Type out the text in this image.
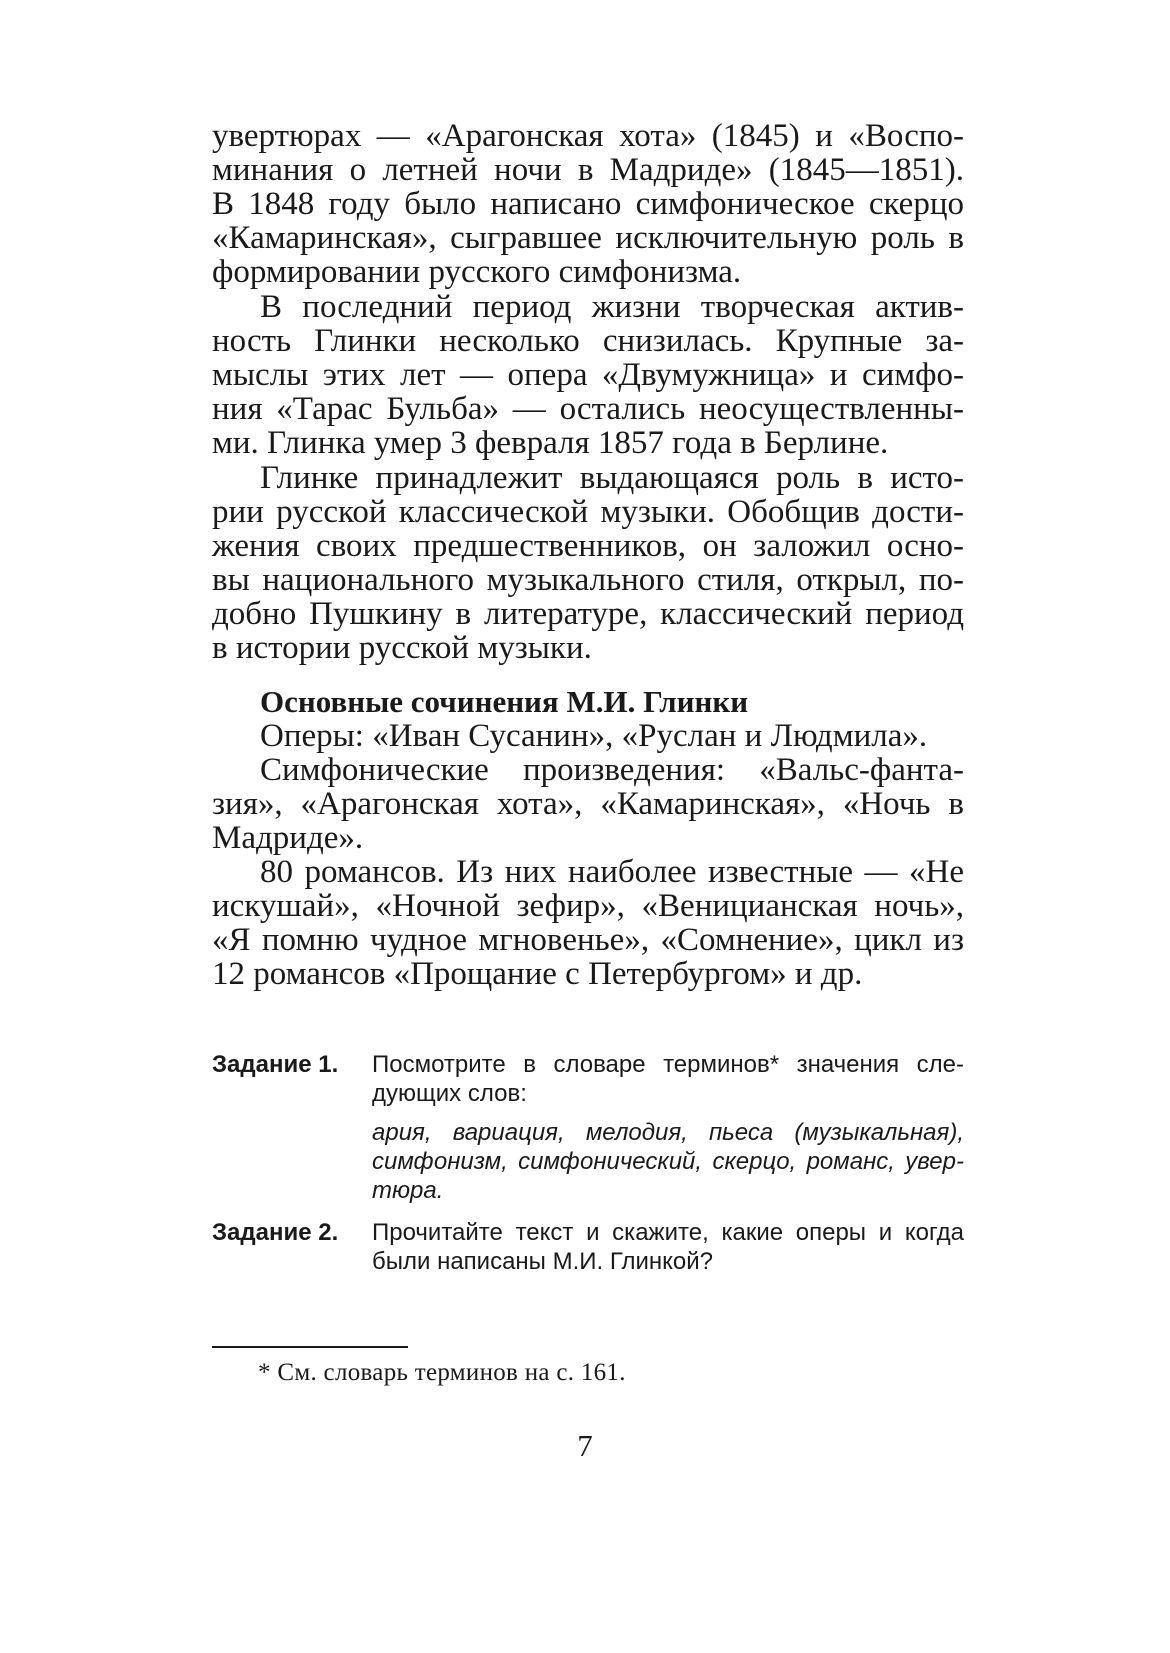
увертюрах — «Арагонская хота» (1845) и «Воспо-
минания о летней ночи в Мадриде» (1845—1851).
В 1848 году было написано симфоническое скерцо
«Камаринская», сыгравшее исключительную роль в
формировании русского симфонизма.
В последний период жизни творческая актив-
ность Глинки несколько снизилась. Крупные за-
мыслы этих лет — опера «Двумужница» и симфо-
ния «Тарас Бульба» — остались неосуществленны-
ми. Глинка умер 3 февраля 1857 года в Берлине.
Глинке принадлежит выдающаяся роль в исто-
рии русской классической музыки. Обобщив дости-
жения своих предшественников, он заложил осно-
вы национального музыкального стиля, открыл, по-
добно Пушкину в литературе, классический период
в истории русской музыки.
Основные сочинения М.И. Глинки
Оперы: «Иван Сусанин», «Руслан и Людмила».
Симфонические произведения: «Вальс-фанта-
зия», «Арагонская хота», «Камаринская», «Ночь в
Мадриде».
80 романсов. Из них наиболее известные — «Не
искушай», «Ночной зефир», «Веницианская ночь»,
«Я помню чудное мгновенье», «Сомнение», цикл из
12 романсов «Прощание с Петербургом» и др.
Задание 1. Посмотрите в словаре терминов* значения сле-
дующих слов:
ария, вариация, мелодия, пьеса (музыкальная),
симфонизм, симфонический, скерцо, романс, увер-
тюра.
Задание 2. Прочитайте текст и скажите, какие оперы и когда
были написаны М.И. Глинкой?
* См. словарь терминов на с. 161.
7
